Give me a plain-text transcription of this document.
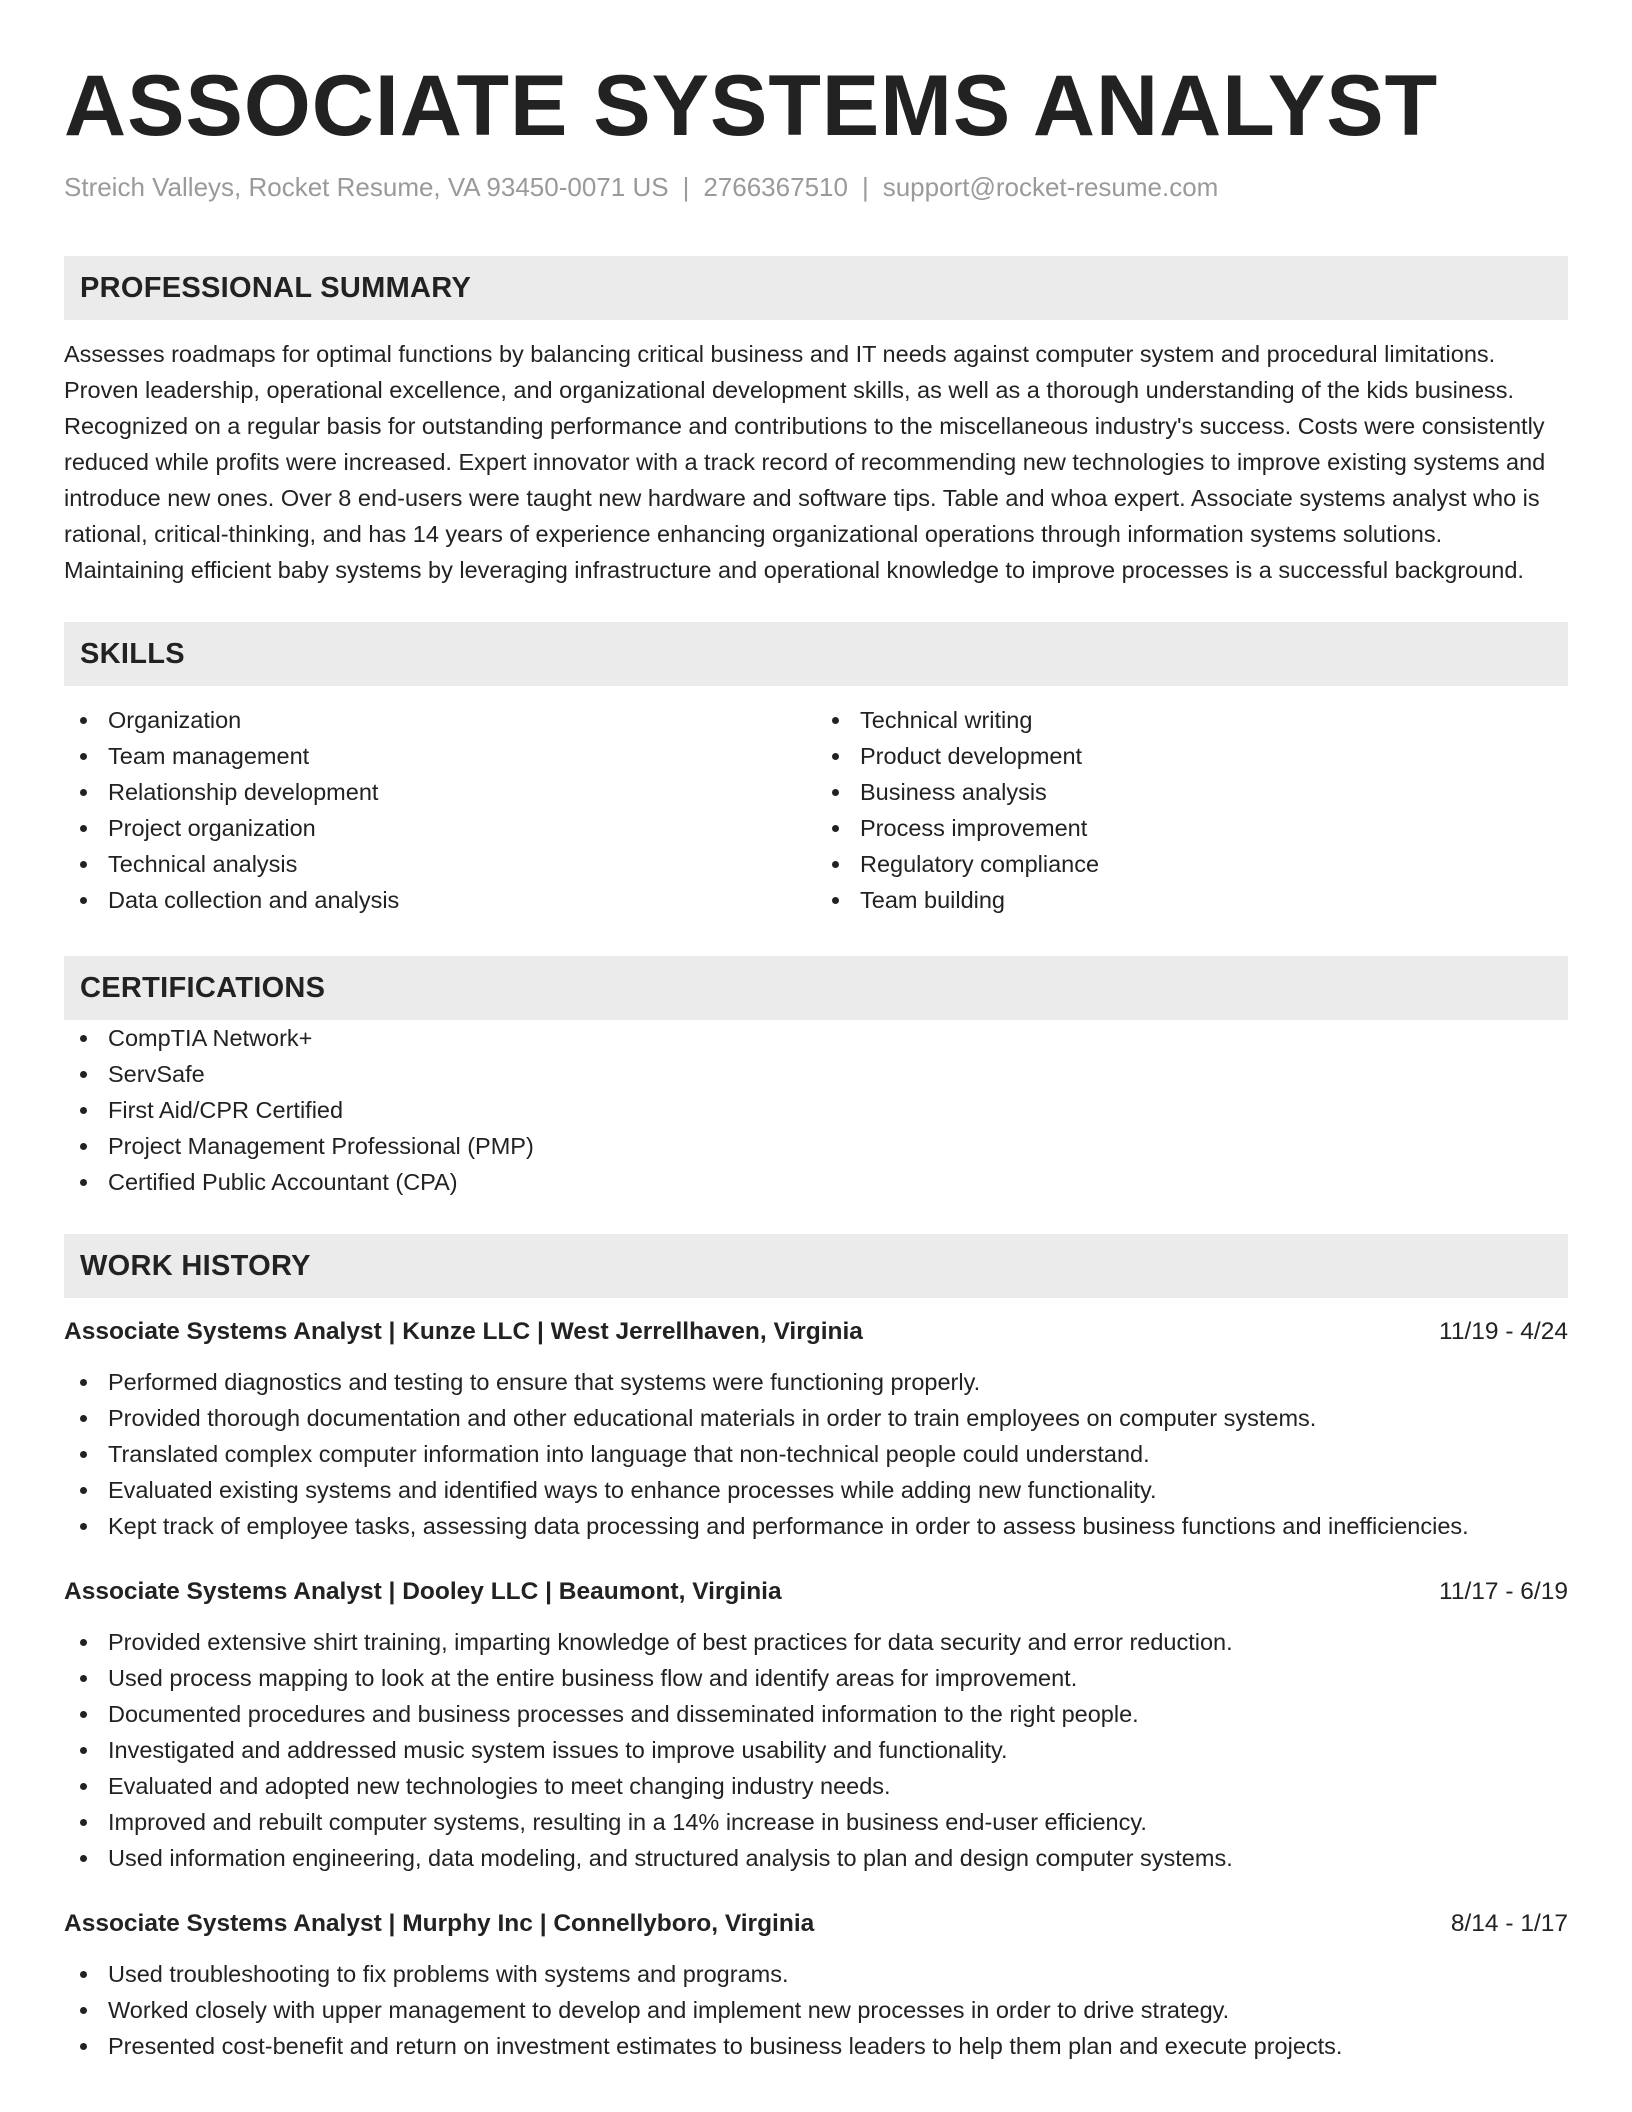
ASSOCIATE SYSTEMS ANALYST
Streich Valleys, Rocket Resume, VA 93450-0071 US | 2766367510 | support@rocket-resume.com
PROFESSIONAL SUMMARY
Assesses roadmaps for optimal functions by balancing critical business and IT needs against computer system and procedural limitations. Proven leadership, operational excellence, and organizational development skills, as well as a thorough understanding of the kids business. Recognized on a regular basis for outstanding performance and contributions to the miscellaneous industry's success. Costs were consistently reduced while profits were increased. Expert innovator with a track record of recommending new technologies to improve existing systems and introduce new ones. Over 8 end-users were taught new hardware and software tips. Table and whoa expert. Associate systems analyst who is rational, critical-thinking, and has 14 years of experience enhancing organizational operations through information systems solutions. Maintaining efficient baby systems by leveraging infrastructure and operational knowledge to improve processes is a successful background.
SKILLS
Organization
Team management
Relationship development
Project organization
Technical analysis
Data collection and analysis
Technical writing
Product development
Business analysis
Process improvement
Regulatory compliance
Team building
CERTIFICATIONS
CompTIA Network+
ServSafe
First Aid/CPR Certified
Project Management Professional (PMP)
Certified Public Accountant (CPA)
WORK HISTORY
Associate Systems Analyst | Kunze LLC | West Jerrellhaven, Virginia	11/19 - 4/24
Performed diagnostics and testing to ensure that systems were functioning properly.
Provided thorough documentation and other educational materials in order to train employees on computer systems.
Translated complex computer information into language that non-technical people could understand.
Evaluated existing systems and identified ways to enhance processes while adding new functionality.
Kept track of employee tasks, assessing data processing and performance in order to assess business functions and inefficiencies.
Associate Systems Analyst | Dooley LLC | Beaumont, Virginia	11/17 - 6/19
Provided extensive shirt training, imparting knowledge of best practices for data security and error reduction.
Used process mapping to look at the entire business flow and identify areas for improvement.
Documented procedures and business processes and disseminated information to the right people.
Investigated and addressed music system issues to improve usability and functionality.
Evaluated and adopted new technologies to meet changing industry needs.
Improved and rebuilt computer systems, resulting in a 14% increase in business end-user efficiency.
Used information engineering, data modeling, and structured analysis to plan and design computer systems.
Associate Systems Analyst | Murphy Inc | Connellyboro, Virginia	8/14 - 1/17
Used troubleshooting to fix problems with systems and programs.
Worked closely with upper management to develop and implement new processes in order to drive strategy.
Presented cost-benefit and return on investment estimates to business leaders to help them plan and execute projects.
